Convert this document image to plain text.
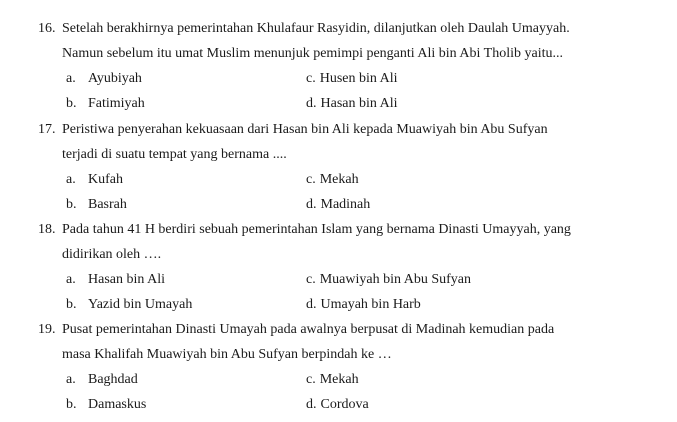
16. Setelah berakhirnya pemerintahan Khulafaur Rasyidin, dilanjutkan oleh Daulah Umayyah.
Namun sebelum itu umat Muslim menunjuk pemimpi penganti Ali bin Abi Tholib yaitu...
a. Ayubiyah
b. Fatimiyah
c. Husen bin Ali
d. Hasan bin Ali
17. Peristiwa penyerahan kekuasaan dari Hasan bin Ali kepada Muawiyah bin Abu Sufyan
terjadi di suatu tempat yang bernama ....
a. Kufah
b. Basrah
c. Mekah
d. Madinah
18. Pada tahun 41 H berdiri sebuah pemerintahan Islam yang bernama Dinasti Umayyah, yang
didirikan oleh ….
a. Hasan bin Ali
b. Yazid bin Umayah
c. Muawiyah bin Abu Sufyan
d. Umayah bin Harb
19. Pusat pemerintahan Dinasti Umayah pada awalnya berpusat di Madinah kemudian pada
masa Khalifah Muawiyah bin Abu Sufyan berpindah ke …
a. Baghdad
b. Damaskus
c. Mekah
d. Cordova
